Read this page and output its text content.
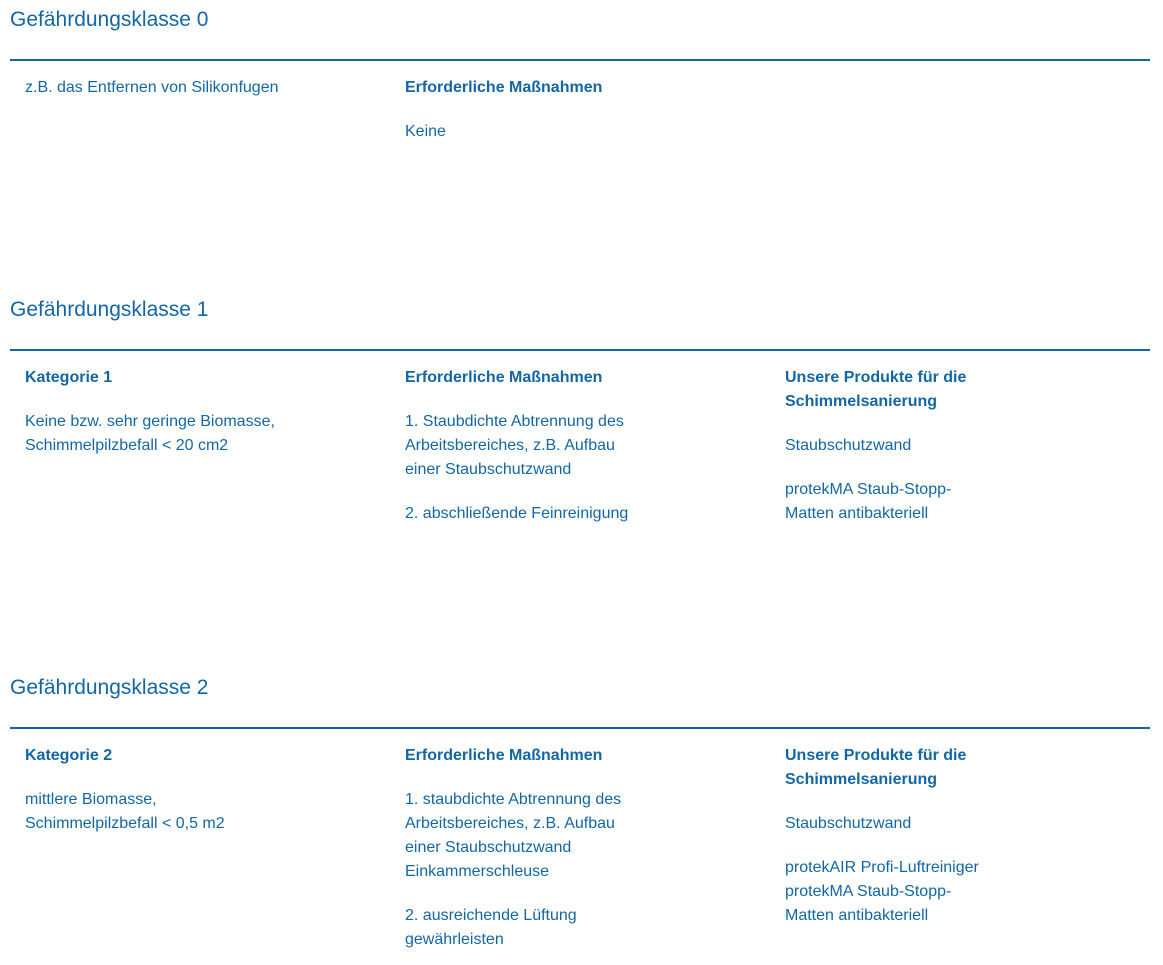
Gefährdungsklasse 0
z.B. das Entfernen von Silikonfugen	Erforderliche Maßnahmen
Keine
Gefährdungsklasse 1
Kategorie 1
Keine bzw. sehr geringe Biomasse,
Schimmelpilzbefall < 20 cm2
Erforderliche Maßnahmen
1. Staubdichte Abtrennung des
Arbeitsbereiches, z.B. Aufbau
einer Staubschutzwand
2. abschließende Feinreinigung
Unsere Produkte für die
Schimmelsanierung
Staubschutzwand
protekMA Staub-Stopp-
Matten antibakteriell
Gefährdungsklasse 2
Kategorie 2
mittlere Biomasse,
Schimmelpilzbefall < 0,5 m2
Erforderliche Maßnahmen
1. staubdichte Abtrennung des
Arbeitsbereiches, z.B. Aufbau
einer Staubschutzwand
Einkammerschleuse
2. ausreichende Lüftung
gewährleisten
Unsere Produkte für die
Schimmelsanierung
Staubschutzwand
protekAIR Profi-Luftreiniger
protekMA Staub-Stopp-
Matten antibakteriell
